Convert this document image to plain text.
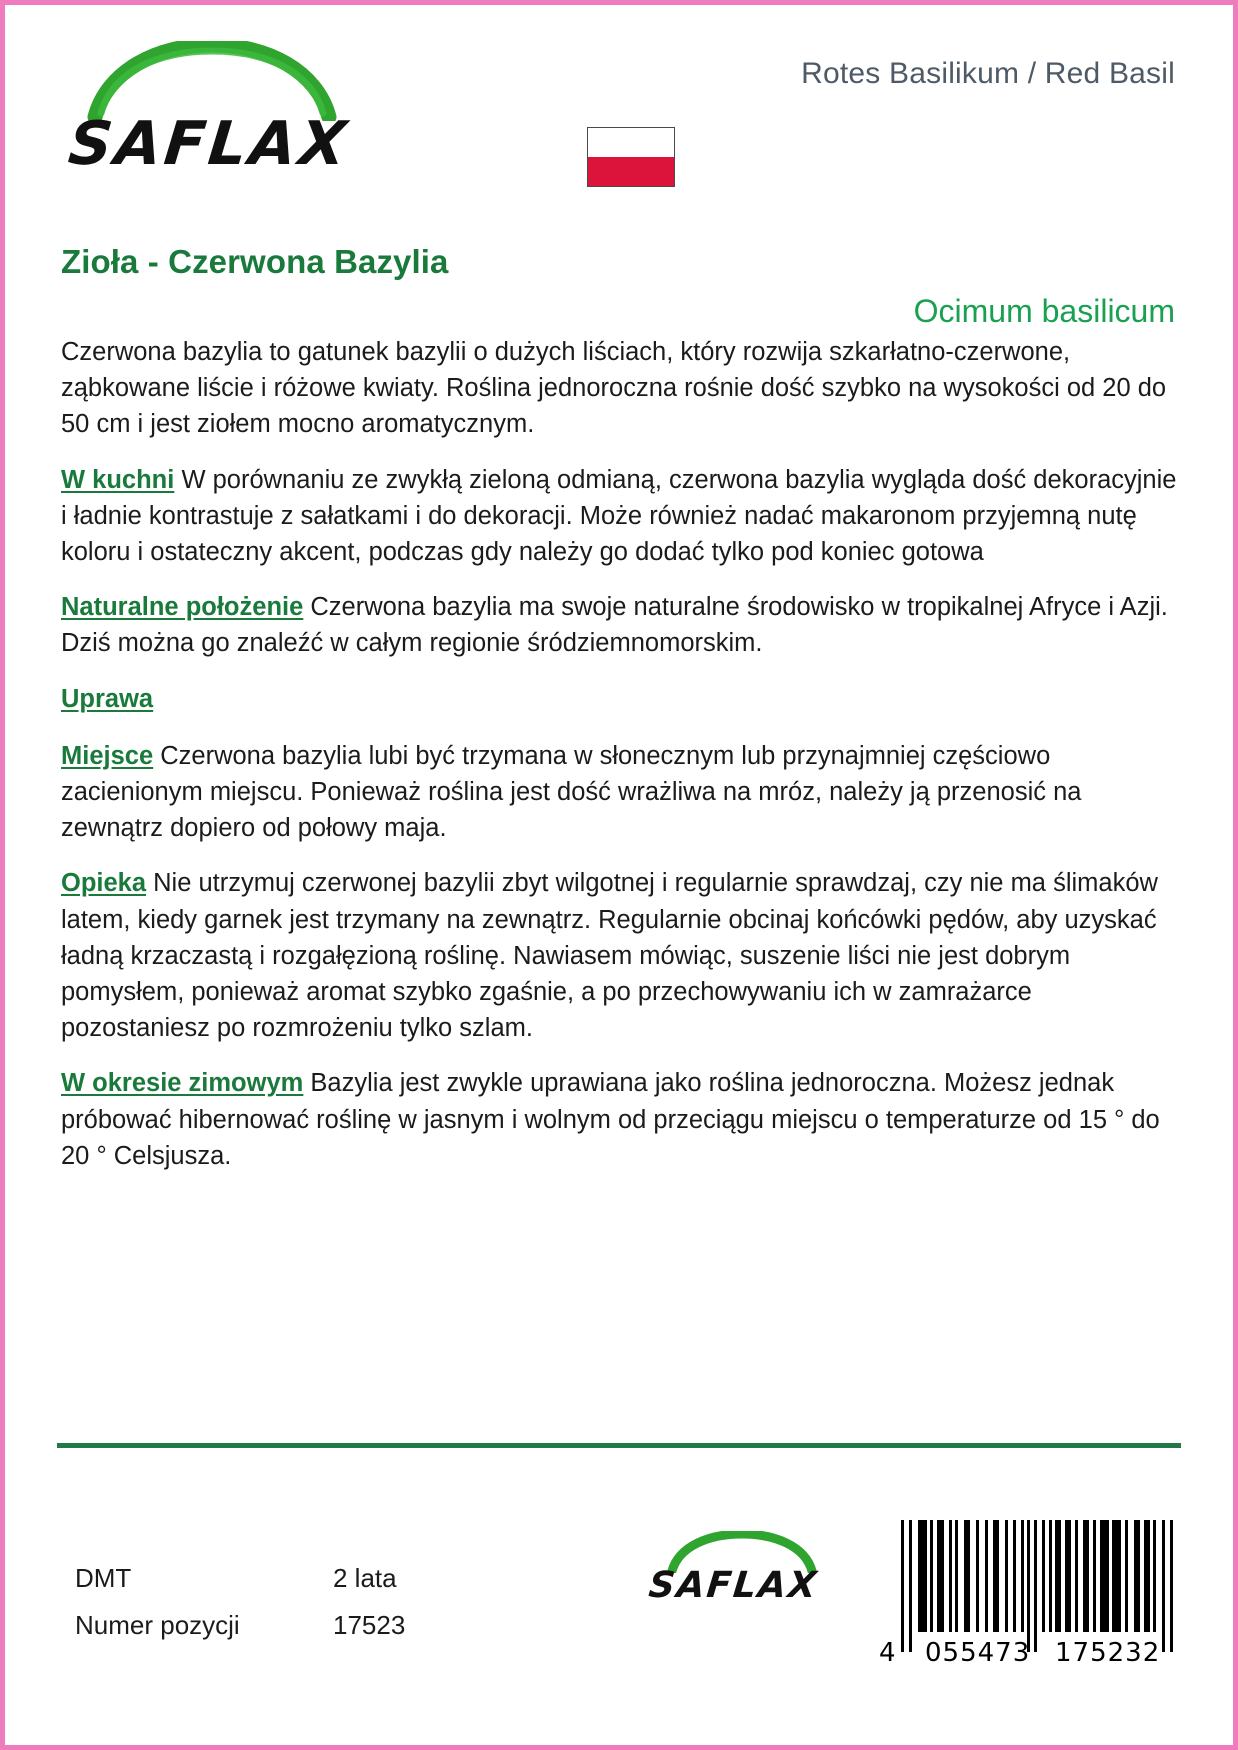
SAFLAX
Rotes Basilikum / Red Basil
Zioła - Czerwona Bazylia
Ocimum basilicum

Czerwona bazylia to gatunek bazylii o dużych liściach, który rozwija szkarłatno-czerwone, ząbkowane liście i różowe kwiaty. Roślina jednoroczna rośnie dość szybko na wysokości od 20 do 50 cm i jest ziołem mocno aromatycznym.

W kuchni W porównaniu ze zwykłą zieloną odmianą, czerwona bazylia wygląda dość dekoracyjnie i ładnie kontrastuje z sałatkami i do dekoracji. Może również nadać makaronom przyjemną nutę koloru i ostateczny akcent, podczas gdy należy go dodać tylko pod koniec gotowa

Naturalne położenie Czerwona bazylia ma swoje naturalne środowisko w tropikalnej Afryce i Azji. Dziś można go znaleźć w całym regionie śródziemnomorskim.

Uprawa

Miejsce Czerwona bazylia lubi być trzymana w słonecznym lub przynajmniej częściowo zacienionym miejscu. Ponieważ roślina jest dość wrażliwa na mróz, należy ją przenosić na zewnątrz dopiero od połowy maja.

Opieka Nie utrzymuj czerwonej bazylii zbyt wilgotnej i regularnie sprawdzaj, czy nie ma ślimaków latem, kiedy garnek jest trzymany na zewnątrz. Regularnie obcinaj końcówki pędów, aby uzyskać ładną krzaczastą i rozgałęzioną roślinę. Nawiasem mówiąc, suszenie liści nie jest dobrym pomysłem, ponieważ aromat szybko zgaśnie, a po przechowywaniu ich w zamrażarce pozostaniesz po rozmrożeniu tylko szlam.

W okresie zimowym Bazylia jest zwykle uprawiana jako roślina jednoroczna. Możesz jednak próbować hibernować roślinę w jasnym i wolnym od przeciągu miejscu o temperaturze od 15 ° do 20 ° Celsjusza.

DMT	2 lata
Numer pozycji	17523
SAFLAX
4 055473 175232
